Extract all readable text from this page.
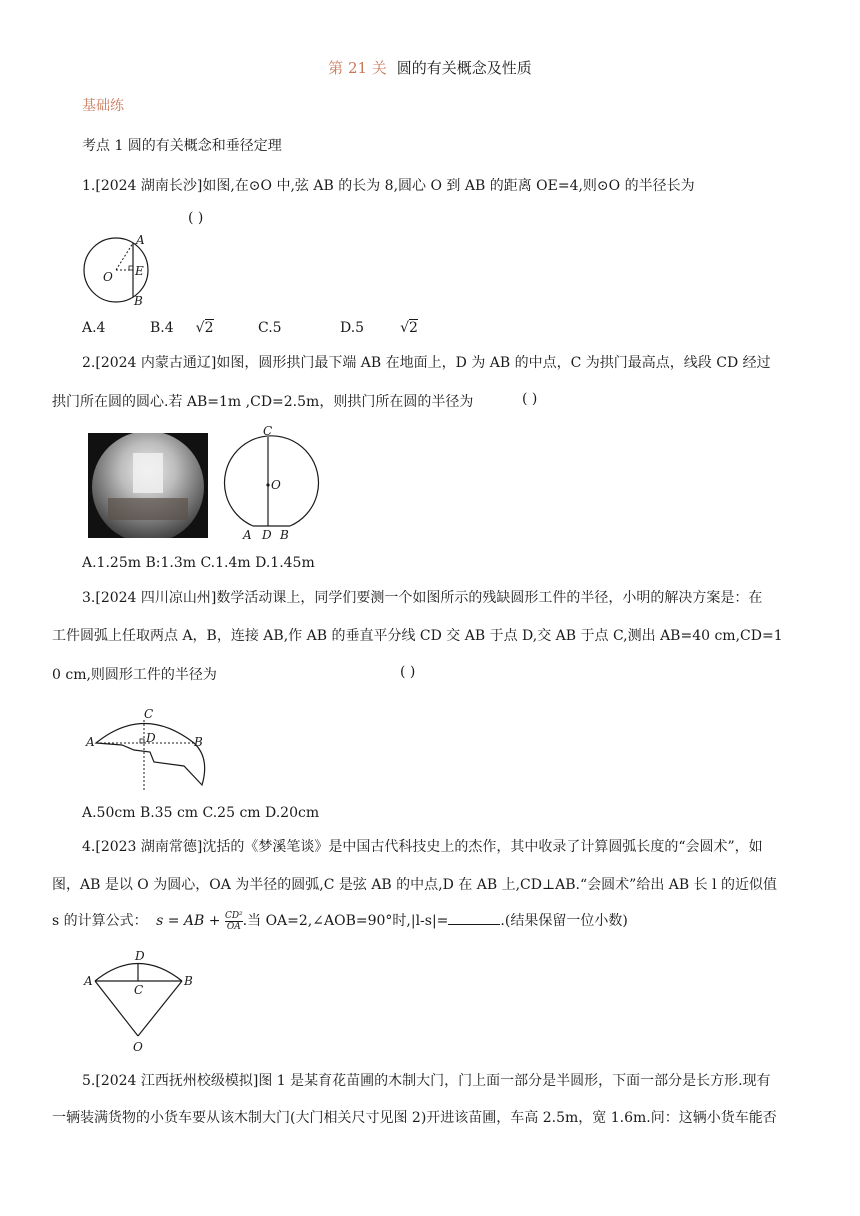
第 21 关 圆的有关概念及性质
基础练
考点 1 圆的有关概念和垂径定理
1.[2024 湖南长沙]如图,在⊙O 中,弦 AB 的长为 8,圆心 O 到 AB 的距离 OE=4,则⊙O 的半径长为
( )
A
O E
B
A.4	B.4 √2	C.5	D.5	√2
2.[2024 内蒙古通辽]如图，圆形拱门最下端 AB 在地面上，D 为 AB 的中点，C 为拱门最高点，线段 CD 经过
拱门所在圆的圆心.若 AB=1m ,CD=2.5m，则拱门所在圆的半径为	( )
C
O
A D B
A.1.25m B:1.3m C.1.4m D.1.45m
3.[2024 四川凉山州]数学活动课上，同学们要测一个如图所示的残缺圆形工件的半径，小明的解决方案是：在
工件圆弧上任取两点 A，B，连接 AB,作 AB 的垂直平分线 CD 交 AB 于点 D,交 AB 于点 C,测出 AB=40 cm,CD=1
0 cm,则圆形工件的半径为	( )
C
A	D	B
A.50cm B.35 cm C.25 cm D.20cm
4.[2023 湖南常德]沈括的《梦溪笔谈》是中国古代科技史上的杰作，其中收录了计算圆弧长度的“会圆术”，如
图，AB 是以 O 为圆心，OA 为半径的圆弧,C 是弦 AB 的中点,D 在 AB 上,CD⊥AB.“会圆术”给出 AB 长 l 的近似值
s 的计算公式： s = AB + $\frac{\text{CD²}}{OA}$ .当 OA=2,∠AOB=90°时,|l-s|=	.(结果保留一位小数)
D
A
C
B
O
5.[2024 江西抚州校级模拟]图 1 是某育花苗圃的木制大门，门上面一部分是半圆形，下面一部分是长方形.现有
一辆装满货物的小货车要从该木制大门(大门相关尺寸见图 2)开进该苗圃，车高 2.5m，宽 1.6m.问：这辆小货车能否
